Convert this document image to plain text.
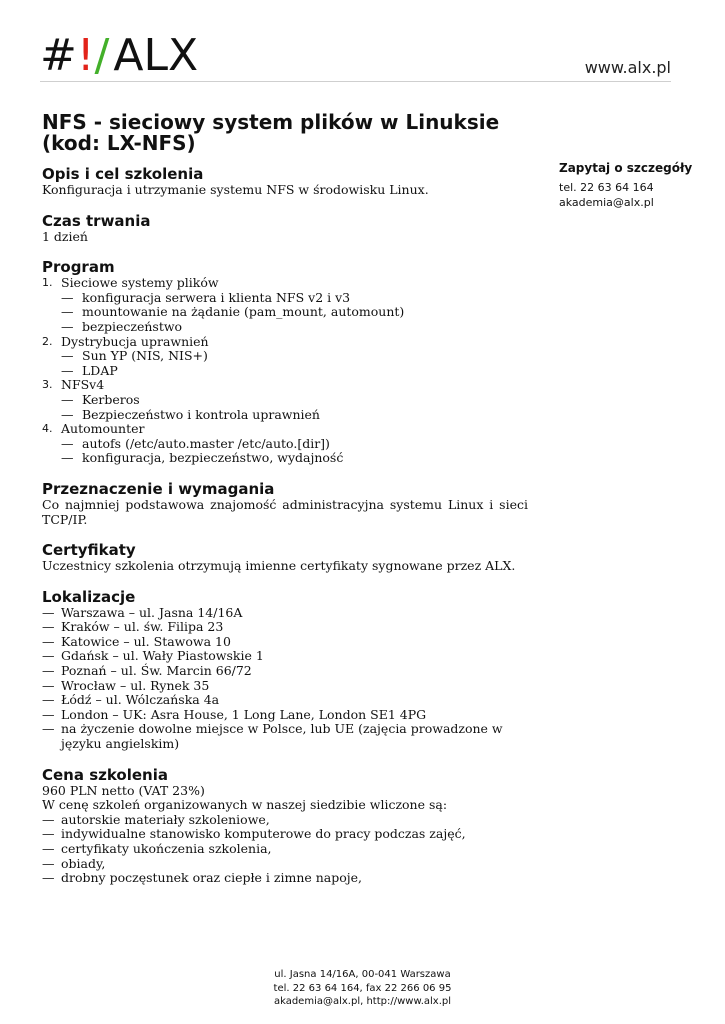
#!/ALX	www.alx.pl
Zapytaj o szczegóły
tel. 22 63 64 164
akademia@alx.pl
NFS - sieciowy system plików w Linuksie
(kod: LX-NFS)
Opis i cel szkolenia

Konfiguracja i utrzymanie systemu NFS w środowisku Linux.

Czas trwania

1 dzień

Program
1. Sieciowe systemy plików
— konfiguracja serwera i klienta NFS v2 i v3
— mountowanie na żądanie (pam_mount, automount)
— bezpieczeństwo
2. Dystrybucja uprawnień
— Sun YP (NIS, NIS+)
— LDAP
3. NFSv4
— Kerberos
— Bezpieczeństwo i kontrola uprawnień
4. Automounter
— autofs (/etc/auto.master /etc/auto.[dir])
— konfiguracja, bezpieczeństwo, wydajność
Przeznaczenie i wymagania

Co najmniej podstawowa znajomość administracyjna systemu Linux i sieci TCP/IP.

Certyfikaty

Uczestnicy szkolenia otrzymują imienne certyfikaty sygnowane przez ALX.

Lokalizacje
— Warszawa – ul. Jasna 14/16A
— Kraków – ul. św. Filipa 23
— Katowice – ul. Stawowa 10
— Gdańsk – ul. Wały Piastowskie 1
— Poznań – ul. Św. Marcin 66/72
— Wrocław – ul. Rynek 35
— Łódź – ul. Wólczańska 4a
— London – UK: Asra House, 1 Long Lane, London SE1 4PG
— na życzenie dowolne miejsce w Polsce, lub UE (zajęcia prowadzone w języku angielskim)
Cena szkolenia

960 PLN netto (VAT 23%)

W cenę szkoleń organizowanych w naszej siedzibie wliczone są:

— autorskie materiały szkoleniowe,
— indywidualne stanowisko komputerowe do pracy podczas zajęć,
— certyfikaty ukończenia szkolenia,
— obiady,
— drobny poczęstunek oraz ciepłe i zimne napoje,
ul. Jasna 14/16A, 00-041 Warszawa
tel. 22 63 64 164, fax 22 266 06 95
akademia@alx.pl, http://www.alx.pl
